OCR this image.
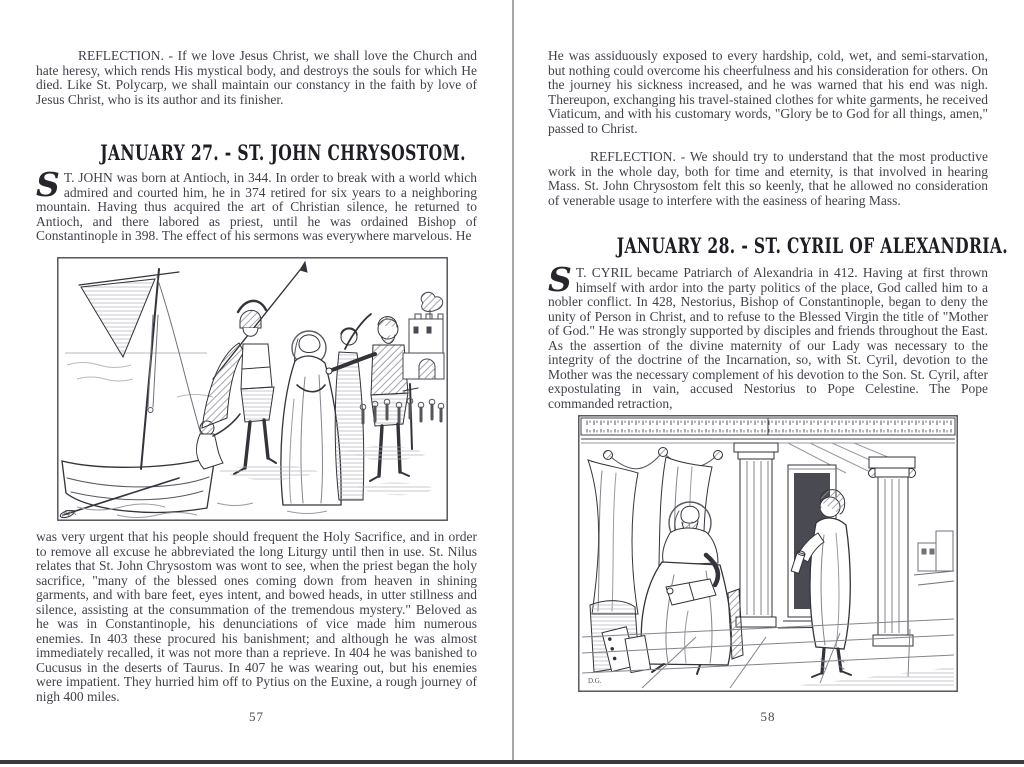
REFLECTION. - If we love Jesus Christ, we shall love the Church and hate heresy, which rends His mystical body, and destroys the souls for which He died. Like St. Polycarp, we shall maintain our constancy in the faith by love of Jesus Christ, who is its author and its finisher.

JANUARY 27. - ST. JOHN CHRYSOSTOM.

S T. JOHN was born at Antioch, in 344. In order to break with a world which admired and courted him, he in 374 retired for six years to a neighboring mountain. Having thus acquired the art of Christian silence, he returned to Antioch, and there labored as priest, until he was ordained Bishop of Constantinople in 398. The effect of his sermons was everywhere marvelous. He

D R

was very urgent that his people should frequent the Holy Sacrifice, and in order to remove all excuse he abbreviated the long Liturgy until then in use. St. Nilus relates that St. John Chrysostom was wont to see, when the priest began the holy sacrifice, "many of the blessed ones coming down from heaven in shining garments, and with bare feet, eyes intent, and bowed heads, in utter stillness and silence, assisting at the consummation of the tremendous mystery." Beloved as he was in Constantinople, his denunciations of vice made him numerous enemies. In 403 these procured his banishment; and although he was almost immediately recalled, it was not more than a reprieve. In 404 he was banished to Cucusus in the deserts of Taurus. In 407 he was wearing out, but his enemies were impatient. They hurried him off to Pytius on the Euxine, a rough journey of nigh 400 miles.

57

He was assiduously exposed to every hardship, cold, wet, and semi-starvation, but nothing could overcome his cheerfulness and his consideration for others. On the journey his sickness increased, and he was warned that his end was nigh. Thereupon, exchanging his travel-stained clothes for white garments, he received Viaticum, and with his customary words, "Glory be to God for all things, amen," passed to Christ.

REFLECTION. - We should try to understand that the most productive work in the whole day, both for time and eternity, is that involved in hearing Mass. St. John Chrysostom felt this so keenly, that he allowed no consideration of venerable usage to interfere with the easiness of hearing Mass.

JANUARY 28. - ST. CYRIL OF ALEXANDRIA.

S T. CYRIL became Patriarch of Alexandria in 412. Having at first thrown himself with ardor into the party politics of the place, God called him to a nobler conflict. In 428, Nestorius, Bishop of Constantinople, began to deny the unity of Person in Christ, and to refuse to the Blessed Virgin the title of "Mother of God." He was strongly supported by disciples and friends throughout the East. As the assertion of the divine maternity of our Lady was necessary to the integrity of the doctrine of the Incarnation, so, with St. Cyril, devotion to the Mother was the necessary complement of his devotion to the Son. St. Cyril, after expostulating in vain, accused Nestorius to Pope Celestine. The Pope commanded retraction,

D.G.
58
